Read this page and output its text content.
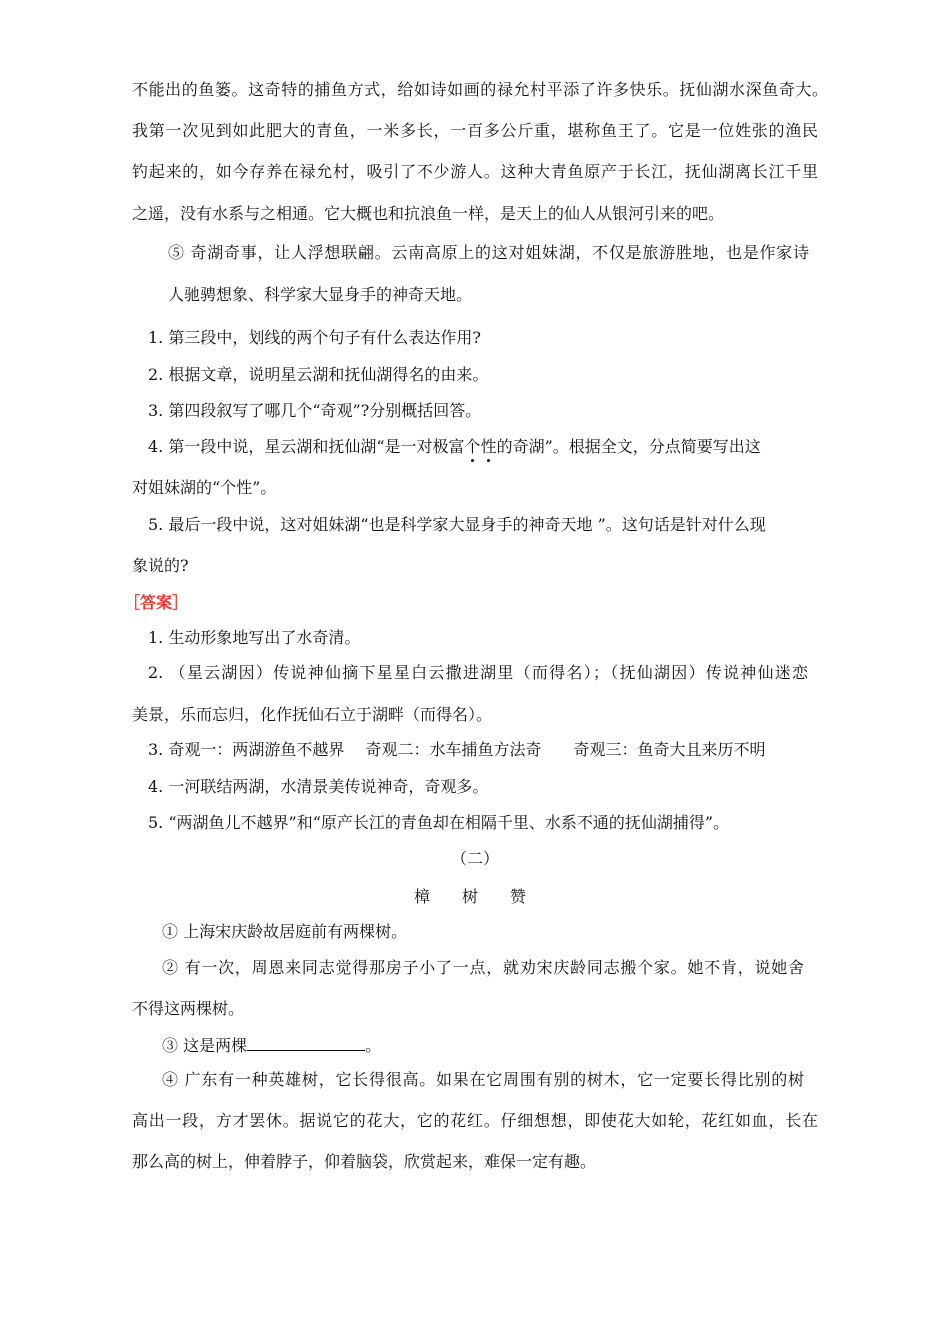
不能出的鱼篓。这奇特的捕鱼方式，给如诗如画的禄允村平添了许多快乐。抚仙湖水深鱼奇大。

我第一次见到如此肥大的青鱼，一米多长，一百多公斤重，堪称鱼王了。它是一位姓张的渔民

钓起来的，如今存养在禄允村，吸引了不少游人。这种大青鱼原产于长江，抚仙湖离长江千里

之遥，没有水系与之相通。它大概也和抗浪鱼一样，是天上的仙人从银河引来的吧。

⑤ 奇湖奇事，让人浮想联翩。云南高原上的这对姐妹湖，不仅是旅游胜地，也是作家诗

人驰骋想象、科学家大显身手的神奇天地。

1. 第三段中，划线的两个句子有什么表达作用?

2. 根据文章，说明星云湖和抚仙湖得名的由来。

3. 第四段叙写了哪几个“奇观”?分别概括回答。

4. 第一段中说，星云湖和抚仙湖“是一对极富个性的奇湖”。根据全文，分点简要写出这

对姐妹湖的“个性”。

5. 最后一段中说，这对姐妹湖“也是科学家大显身手的神奇天地 ”。这句话是针对什么现

象说的?

［答案］

1. 生动形象地写出了水奇清。

2. （星云湖因）传说神仙摘下星星白云撒进湖里（而得名）；（抚仙湖因）传说神仙迷恋

美景，乐而忘归，化作抚仙石立于湖畔（而得名）。

3. 奇观一：两湖游鱼不越界　 奇观二：水车捕鱼方法奇　　奇观三：鱼奇大且来历不明

4. 一河联结两湖，水清景美传说神奇，奇观多。

5. “两湖鱼儿不越界”和“原产长江的青鱼却在相隔千里、水系不通的抚仙湖捕得”。

（二）

樟　　树　　赞

① 上海宋庆龄故居庭前有两棵树。

② 有一次，周恩来同志觉得那房子小了一点，就劝宋庆龄同志搬个家。她不肯，说她舍

不得这两棵树。

③ 这是两棵	。

④ 广东有一种英雄树，它长得很高。如果在它周围有别的树木，它一定要长得比别的树

高出一段，方才罢休。据说它的花大，它的花红。仔细想想，即使花大如轮，花红如血，长在

那么高的树上，伸着脖子，仰着脑袋，欣赏起来，难保一定有趣。
